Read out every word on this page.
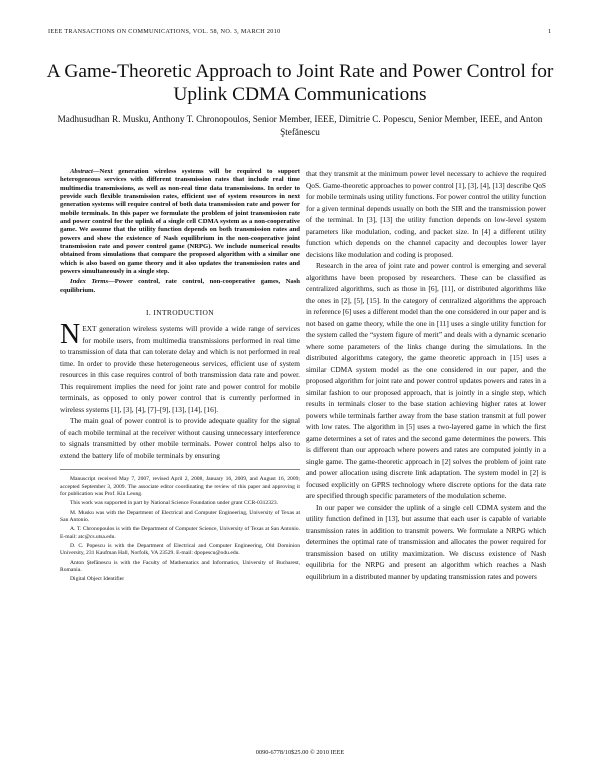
IEEE TRANSACTIONS ON COMMUNICATIONS, VOL. 58, NO. 3, MARCH 2010	1
A Game-Theoretic Approach to Joint Rate and Power Control for Uplink CDMA Communications
Madhusudhan R. Musku, Anthony T. Chronopoulos, Senior Member, IEEE, Dimitrie C. Popescu, Senior Member, IEEE, and Anton Ştefănescu

Abstract—Next generation wireless systems will be required to support heterogeneous services with different transmission rates that include real time multimedia transmissions, as well as non-real time data transmissions. In order to provide such flexible transmission rates, efficient use of system resources in next generation systems will require control of both data transmission rate and power for mobile terminals. In this paper we formulate the problem of joint transmission rate and power control for the uplink of a single cell CDMA system as a non-cooperative game. We assume that the utility function depends on both transmission rates and powers and show the existence of Nash equilibrium in the non-cooperative joint transmission rate and power control game (NRPG). We include numerical results obtained from simulations that compare the proposed algorithm with a similar one which is also based on game theory and it also updates the transmission rates and powers simultaneously in a single step.

Index Terms—Power control, rate control, non-cooperative games, Nash equilibrium.

I. INTRODUCTION

NEXT generation wireless systems will provide a wide range of services for mobile users, from multimedia transmissions performed in real time to transmission of data that can tolerate delay and which is not performed in real time. In order to provide these heterogeneous services, efficient use of system resources in this case requires control of both transmission data rate and power. This requirement implies the need for joint rate and power control for mobile terminals, as opposed to only power control that is currently performed in wireless systems [1], [3], [4], [7]–[9], [13], [14], [16].

The main goal of power control is to provide adequate quality for the signal of each mobile terminal at the receiver without causing unnecessary interference to signals transmitted by other mobile terminals. Power control helps also to extend the battery life of mobile terminals by ensuring

Manuscript received May 7, 2007, revised April 2, 2008, January 16, 2009, and August 16, 2009; accepted September 3, 2009. The associate editor coordinating the review of this paper and approving it for publication was Prof. Kin Leung.

This work was supported in part by National Science Foundation under grant CCR-0312323.

M. Musku was with the Department of Electrical and Computer Engineering, University of Texas at San Antonio.

A. T. Chronopoulos is with the Department of Computer Science, University of Texas at San Antonio. E-mail: atc@cs.utsa.edu.

D. C. Popescu is with the Department of Electrical and Computer Engineering, Old Dominion University, 231 Kaufman Hall, Norfolk, VA 23529. E-mail: dpopescu@odu.edu.

Anton Ştefănescu is with the Faculty of Mathematics and Informatics, University of Bucharest, Romania.

Digital Object Identifier

that they transmit at the minimum power level necessary to achieve the required QoS. Game-theoretic approaches to power control [1], [3], [4], [13] describe QoS for mobile terminals using utility functions. For power control the utility function for a given terminal depends usually on both the SIR and the transmission power of the terminal. In [3], [13] the utility function depends on low-level system parameters like modulation, coding, and packet size. In [4] a different utility function which depends on the channel capacity and decouples lower layer decisions like modulation and coding is proposed.

Research in the area of joint rate and power control is emerging and several algorithms have been proposed by researchers. These can be classified as centralized algorithms, such as those in [6], [11], or distributed algorithms like the ones in [2], [5], [15]. In the category of centralized algorithms the approach in reference [6] uses a different model than the one considered in our paper and is not based on game theory, while the one in [11] uses a single utility function for the system called the “system figure of merit” and deals with a dynamic scenario where some parameters of the links change during the simulations. In the distributed algorithms category, the game theoretic approach in [15] uses a similar CDMA system model as the one considered in our paper, and the proposed algorithm for joint rate and power control updates powers and rates in a similar fashion to our proposed approach, that is jointly in a single step, which results in terminals closer to the base station achieving higher rates at lower powers while terminals farther away from the base station transmit at full power with low rates. The algorithm in [5] uses a two-layered game in which the first game determines a set of rates and the second game determines the powers. This is different than our approach where powers and rates are computed jointly in a single game. The game-theoretic approach in [2] solves the problem of joint rate and power allocation using discrete link adaptation. The system model in [2] is focused explicitly on GPRS technology where discrete options for the data rate are specified through specific parameters of the modulation scheme.

In our paper we consider the uplink of a single cell CDMA system and the utility function defined in [13], but assume that each user is capable of variable transmission rates in addition to transmit powers. We formulate a NRPG which determines the optimal rate of transmission and allocates the power required for transmission based on utility maximization. We discuss existence of Nash equilibria for the NRPG and present an algorithm which reaches a Nash equilibrium in a distributed manner by updating transmission rates and powers

0090-6778/10$25.00 © 2010 IEEE
